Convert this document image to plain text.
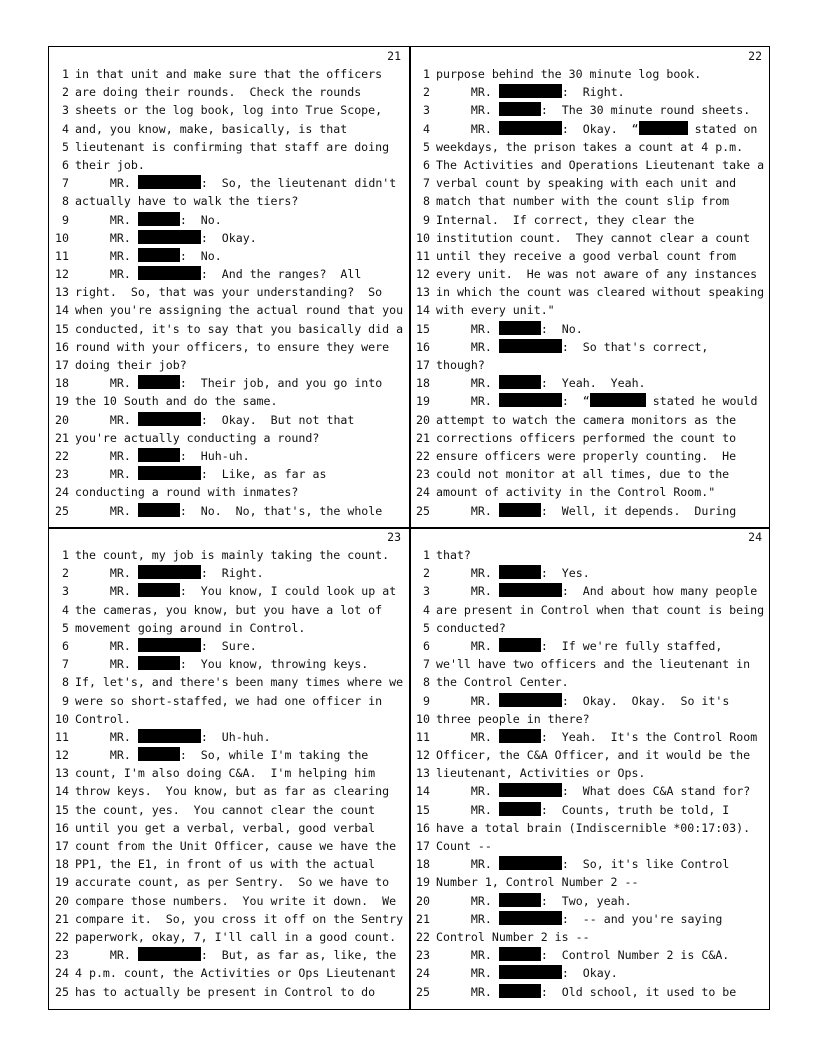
21
1 in that unit and make sure that the officers
2 are doing their rounds.  Check the rounds
3 sheets or the log book, log into True Scope,
4 and, you know, make, basically, is that
5 lieutenant is confirming that staff are doing
6 their job.
7 MR.	:  So, the lieutenant didn't
8 actually have to walk the tiers?
9 MR.	:  No.
10 MR.	:  Okay.
11 MR.	:  No.
12 MR.	:  And the ranges?  All
13 right.  So, that was your understanding?  So
14 when you're assigning the actual round that you
15 conducted, it's to say that you basically did a
16 round with your officers, to ensure they were
17 doing their job?
18 MR.	:  Their job, and you go into
19 the 10 South and do the same.
20 MR.	:  Okay.  But not that
21 you're actually conducting a round?
22 MR.	:  Huh-uh.
23 MR.	:  Like, as far as
24 conducting a round with inmates?
25 MR.	:  No.  No, that's, the whole
22
1 purpose behind the 30 minute log book.
2 MR.	:  Right.
3 MR.	:  The 30 minute round sheets.
4 MR.	:  Okay.  “	stated on
5 weekdays, the prison takes a count at 4 p.m.
6 The Activities and Operations Lieutenant take a
7 verbal count by speaking with each unit and
8 match that number with the count slip from
9 Internal.  If correct, they clear the
10 institution count.  They cannot clear a count
11 until they receive a good verbal count from
12 every unit.  He was not aware of any instances
13 in which the count was cleared without speaking
14 with every unit."
15 MR.	:  No.
16 MR.	:  So that's correct,
17 though?
18 MR.	:  Yeah.  Yeah.
19 MR.	:  “	stated he would
20 attempt to watch the camera monitors as the
21 corrections officers performed the count to
22 ensure officers were properly counting.  He
23 could not monitor at all times, due to the
24 amount of activity in the Control Room."
25 MR.	:  Well, it depends.  During
23
1 the count, my job is mainly taking the count.
2 MR.	:  Right.
3 MR.	:  You know, I could look up at
4 the cameras, you know, but you have a lot of
5 movement going around in Control.
6 MR.	:  Sure.
7 MR.	:  You know, throwing keys.
8 If, let's, and there's been many times where we
9 were so short-staffed, we had one officer in
10 Control.
11 MR.	:  Uh-huh.
12 MR.	:  So, while I'm taking the
13 count, I'm also doing C&A.  I'm helping him
14 throw keys.  You know, but as far as clearing
15 the count, yes.  You cannot clear the count
16 until you get a verbal, verbal, good verbal
17 count from the Unit Officer, cause we have the
18 PP1, the E1, in front of us with the actual
19 accurate count, as per Sentry.  So we have to
20 compare those numbers.  You write it down.  We
21 compare it.  So, you cross it off on the Sentry
22 paperwork, okay, 7, I'll call in a good count.
23 MR.	:  But, as far as, like, the
24 4 p.m. count, the Activities or Ops Lieutenant
25 has to actually be present in Control to do
24
1 that?
2 MR.	:  Yes.
3 MR.	:  And about how many people
4 are present in Control when that count is being
5 conducted?
6 MR.	:  If we're fully staffed,
7 we'll have two officers and the lieutenant in
8 the Control Center.
9 MR.	:  Okay.  Okay.  So it's
10 three people in there?
11 MR.	:  Yeah.  It's the Control Room
12 Officer, the C&A Officer, and it would be the
13 lieutenant, Activities or Ops.
14 MR.	:  What does C&A stand for?
15 MR.	:  Counts, truth be told, I
16 have a total brain (Indiscernible *00:17:03).
17 Count --
18 MR.	:  So, it's like Control
19 Number 1, Control Number 2 --
20 MR.	:  Two, yeah.
21 MR.	:  -- and you're saying
22 Control Number 2 is --
23 MR.	:  Control Number 2 is C&A.
24 MR.	:  Okay.
25 MR.	:  Old school, it used to be
